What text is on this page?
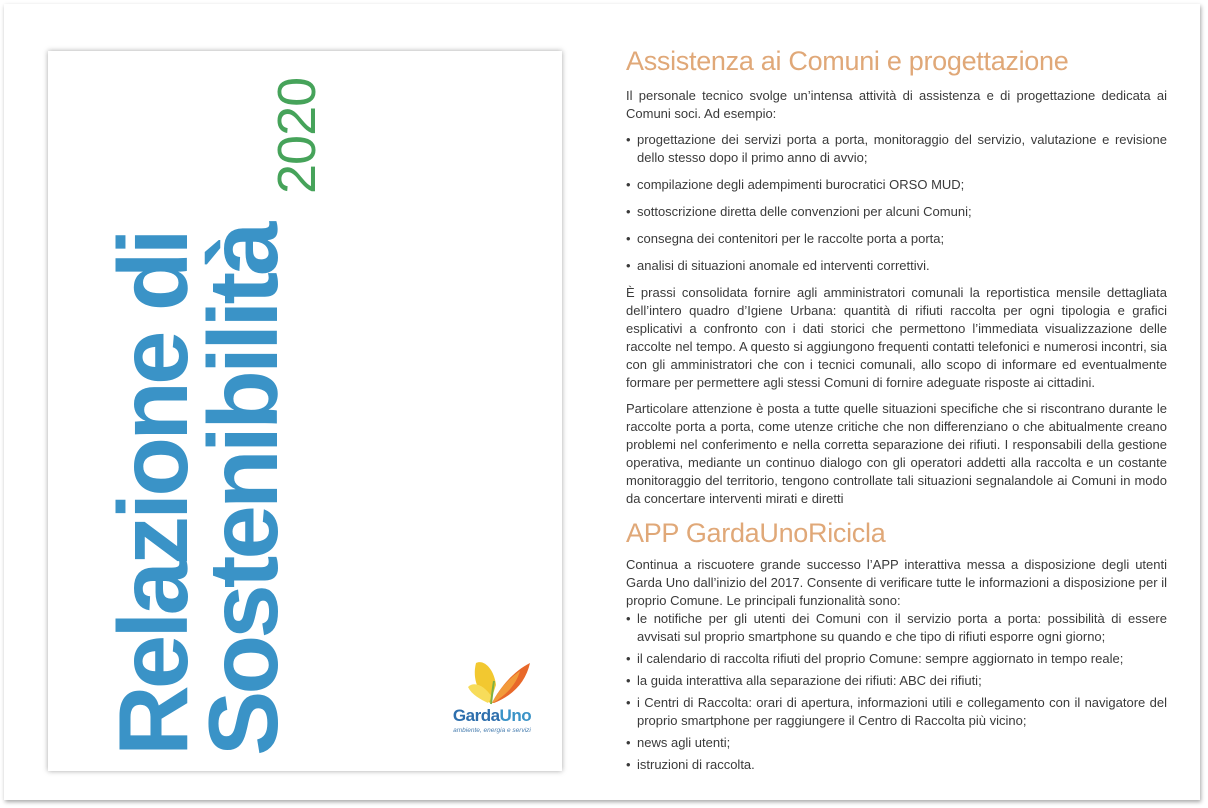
Relazione di
Sostenibilità
2020
GardaUno
ambiente, energia e servizi
Assistenza ai Comuni e progettazione

Il personale tecnico svolge un’intensa attività di assistenza e di progettazione dedicata ai Comuni soci. Ad esempio:

• progettazione dei servizi porta a porta, monitoraggio del servizio, valutazione e revisione dello stesso dopo il primo anno di avvio;
• compilazione degli adempimenti burocratici ORSO MUD;
• sottoscrizione diretta delle convenzioni per alcuni Comuni;
• consegna dei contenitori per le raccolte porta a porta;
• analisi di situazioni anomale ed interventi correttivi.

È prassi consolidata fornire agli amministratori comunali la reportistica mensile dettagliata dell’intero quadro d’Igiene Urbana: quantità di rifiuti raccolta per ogni tipologia e grafici esplicativi a confronto con i dati storici che permettono l’immediata visualizzazione delle raccolte nel tempo. A questo si aggiungono frequenti contatti telefonici e numerosi incontri, sia con gli amministratori che con i tecnici comunali, allo scopo di informare ed eventualmente formare per permettere agli stessi Comuni di fornire adeguate risposte ai cittadini.

Particolare attenzione è posta a tutte quelle situazioni specifiche che si riscontrano durante le raccolte porta a porta, come utenze critiche che non differenziano o che abitualmente creano problemi nel conferimento e nella corretta separazione dei rifiuti. I responsabili della gestione operativa, mediante un continuo dialogo con gli operatori addetti alla raccolta e un costante monitoraggio del territorio, tengono controllate tali situazioni segnalandole ai Comuni in modo da concertare interventi mirati e diretti

APP GardaUnoRicicla

Continua a riscuotere grande successo l’APP interattiva messa a disposizione degli utenti Garda Uno dall’inizio del 2017. Consente di verificare tutte le informazioni a disposizione per il proprio Comune. Le principali funzionalità sono:

• le notifiche per gli utenti dei Comuni con il servizio porta a porta: possibilità di essere avvisati sul proprio smartphone su quando e che tipo di rifiuti esporre ogni giorno;
• il calendario di raccolta rifiuti del proprio Comune: sempre aggiornato in tempo reale;
• la guida interattiva alla separazione dei rifiuti: ABC dei rifiuti;
• i Centri di Raccolta: orari di apertura, informazioni utili e collegamento con il navigatore del proprio smartphone per raggiungere il Centro di Raccolta più vicino;
• news agli utenti;
• istruzioni di raccolta.
